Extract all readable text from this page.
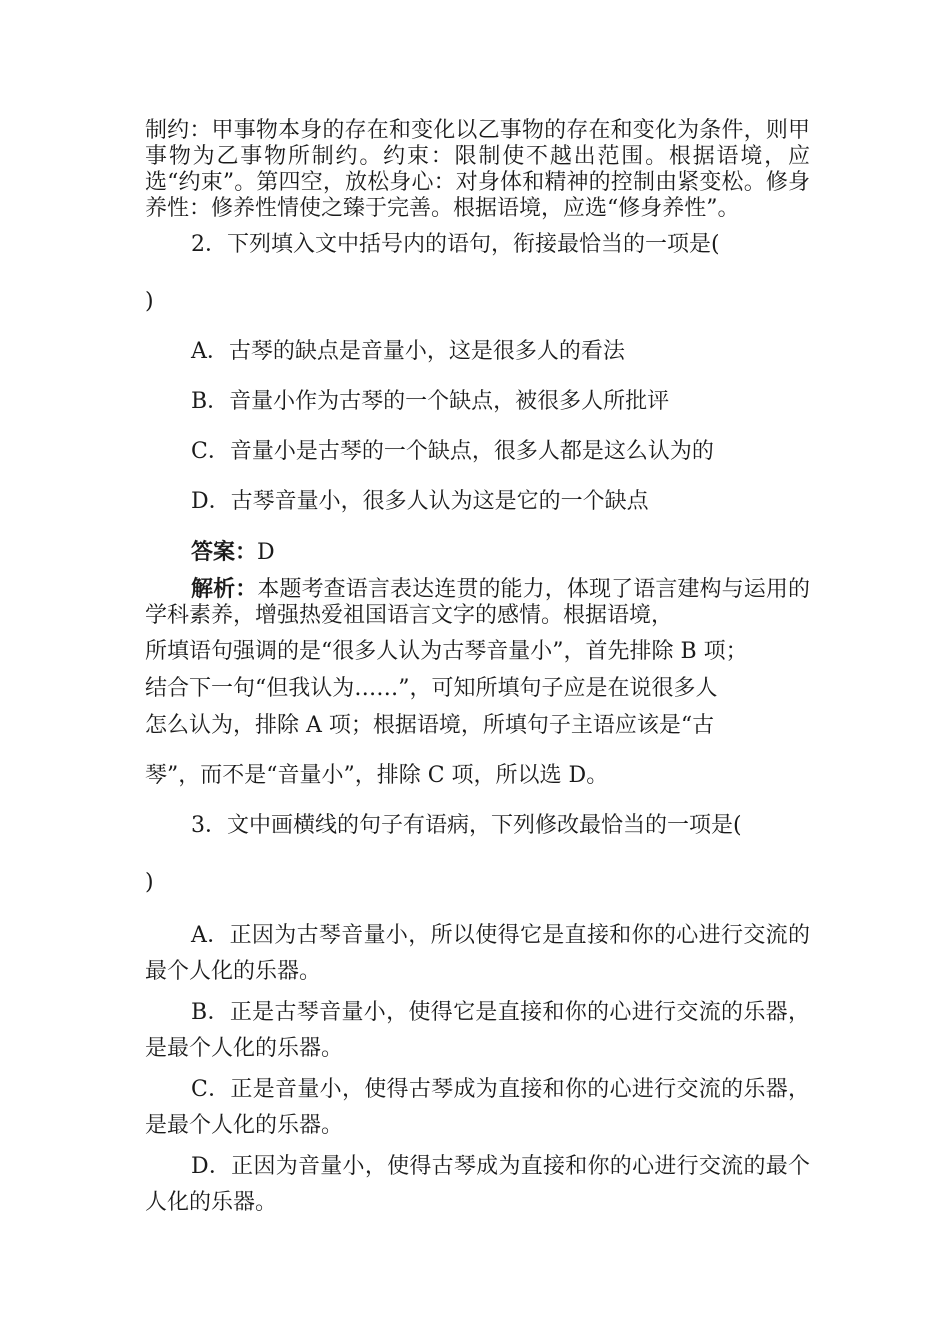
制约：甲事物本身的存在和变化以乙事物的存在和变化为条件，则甲事物为乙事物所制约。约束：限制使不越出范围。根据语境，应选“约束”。第四空，放松身心：对身体和精神的控制由紧变松。修身养性：修养性情使之臻于完善。根据语境，应选“修身养性”。

2．下列填入文中括号内的语句，衔接最恰当的一项是(

)

A．古琴的缺点是音量小，这是很多人的看法

B．音量小作为古琴的一个缺点，被很多人所批评

C．音量小是古琴的一个缺点，很多人都是这么认为的

D．古琴音量小，很多人认为这是它的一个缺点

答案：D

解析：本题考查语言表达连贯的能力，体现了语言建构与运用的学科素养，增强热爱祖国语言文字的感情。根据语境，

所填语句强调的是“很多人认为古琴音量小”，首先排除 B 项；

结合下一句“但我认为……”，可知所填句子应是在说很多人

怎么认为，排除 A 项；根据语境，所填句子主语应该是“古

琴”，而不是“音量小”，排除 C 项，所以选 D。

3．文中画横线的句子有语病，下列修改最恰当的一项是(

)

A．正因为古琴音量小，所以使得它是直接和你的心进行交流的最个人化的乐器。

B．正是古琴音量小，使得它是直接和你的心进行交流的乐器，是最个人化的乐器。

C．正是音量小，使得古琴成为直接和你的心进行交流的乐器，是最个人化的乐器。

D．正因为音量小，使得古琴成为直接和你的心进行交流的最个人化的乐器。
